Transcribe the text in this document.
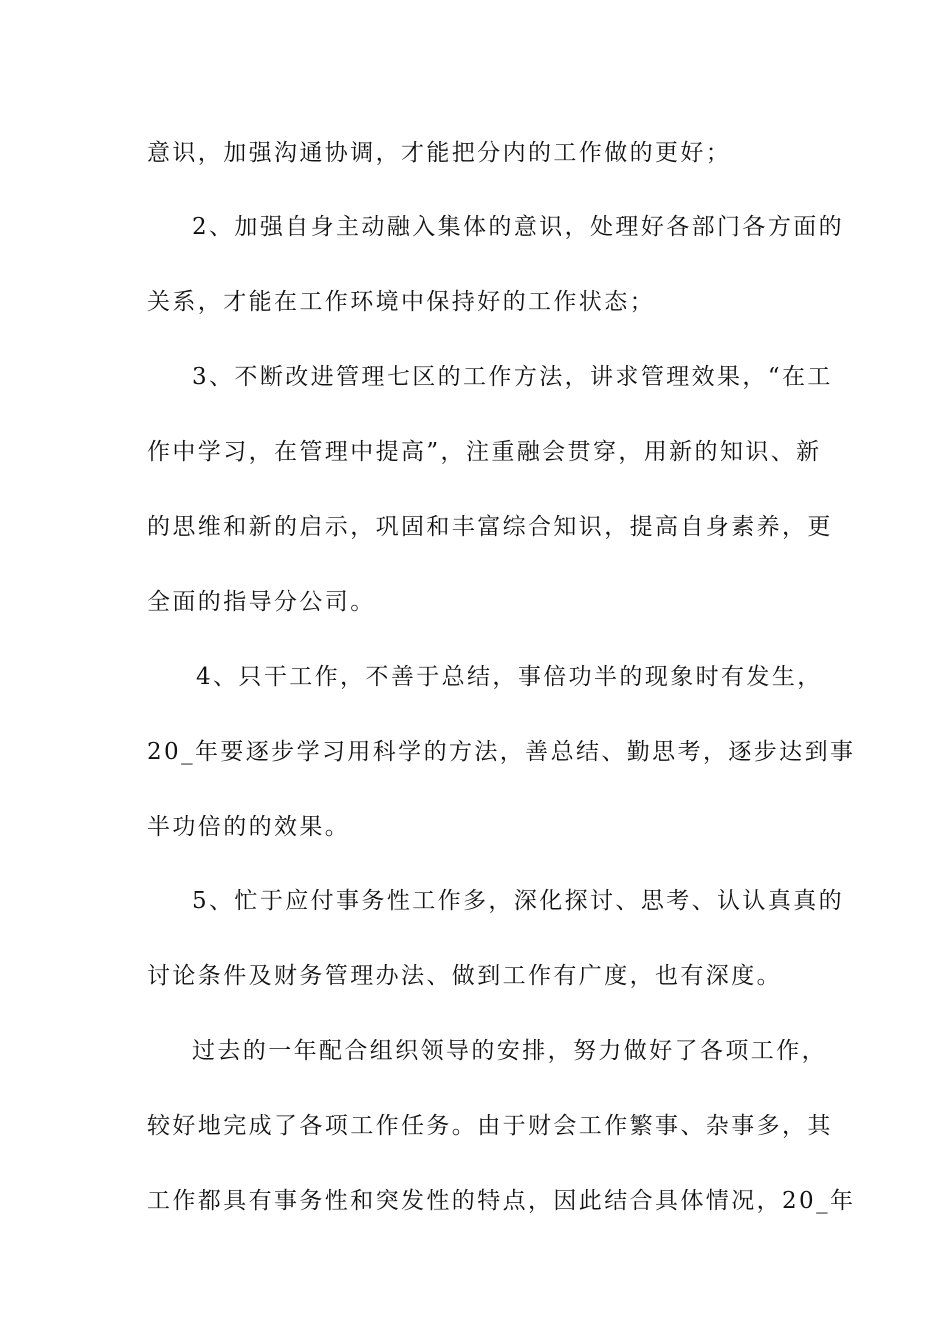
意识，加强沟通协调，才能把分内的工作做的更好；
2、加强自身主动融入集体的意识，处理好各部门各方面的
关系，才能在工作环境中保持好的工作状态；
3、不断改进管理七区的工作方法，讲求管理效果，“在工
作中学习，在管理中提高”，注重融会贯穿，用新的知识、新
的思维和新的启示，巩固和丰富综合知识，提高自身素养，更
全面的指导分公司。
4、只干工作，不善于总结，事倍功半的现象时有发生，
20_年要逐步学习用科学的方法，善总结、勤思考，逐步达到事
半功倍的的效果。
5、忙于应付事务性工作多，深化探讨、思考、认认真真的
讨论条件及财务管理办法、做到工作有广度，也有深度。
过去的一年配合组织领导的安排，努力做好了各项工作，
较好地完成了各项工作任务。由于财会工作繁事、杂事多，其
工作都具有事务性和突发性的特点，因此结合具体情况，20_年
